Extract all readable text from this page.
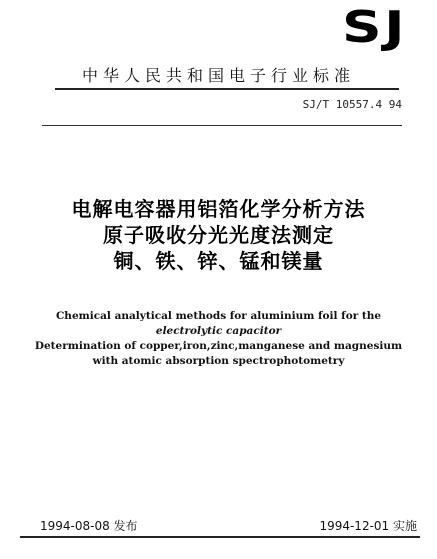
SJ
中华人民共和国电子行业标准
SJ/T 10557.4 94
电解电容器用铝箔化学分析方法
原子吸收分光光度法测定
铜、铁、锌、锰和镁量
Chemical analytical methods for aluminium foil for the
electrolytic capacitor
Determination of copper,iron,zinc,manganese and magnesium
with atomic absorption spectrophotometry
1994-08-08 发布	1994-12-01 实施
